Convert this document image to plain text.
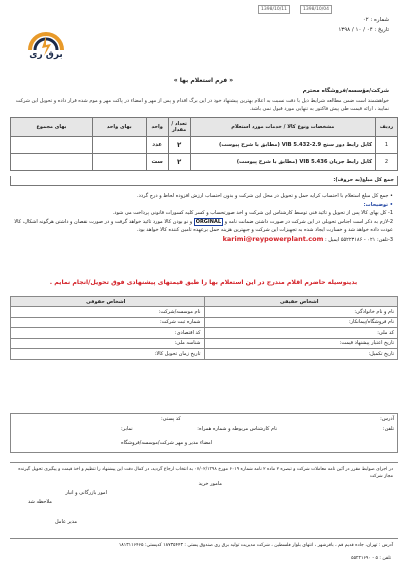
1398/10/11	1398/10/04
برق ری
شماره : ۰۲
تاریخ : ۰۴ / ۱۰ / ۱۳۹۸
« فرم استعلام بها »
شرکت/مؤسسه/فروشگاه محترم
خواهشمند است ضمن مطالعه شرایط ذیل با دقت نسبت به اعلام بهترین پیشنهاد خود در این برگ اقدام و پس از مهر و امضاء در پاکت مهر و موم شده قرار داده و تحویل این شرکت نمایید ، ارائه قیمت طی پیش فاکتور به تنهایی مورد قبول نمی باشد.
ردیف	مشخصات ونوع کالا / خدمات مورد استعلام	تعداد / مقدار	واحد	بهای واحد	بهای مجموع
1	کابل رابط دور سنج VIB 5.432-2.9 (مطابق با شرح پیوست)	۲	عدد		
2	کابل رابط جریان VIB 5.436 (مطابق با شرح پیوست)	۲	ست		
جمع کل مبلغ(به حروف):
• جمع کل مبلغ استعلام با احتساب کرایه حمل و تحویل در محل این شرکت و بدون احتساب ارزش افزوده لحاظ و درج گردد.
• توضیحات:
1- کل بهای کالا پس از تحویل و تائید فنی توسط کارشناس این شرکت و اخذ صورتحساب و کسر کلیه کسورات قانونی پرداخت می شود.
2-لازم به ذکر است اجناس تحویلی در این شرکت در صورت داشتن ضمانت نامه و ORGINAL و نو بودن کالا مورد تائید خواهد گرفت و در صورت نقصان و داشتن هرگونه اشکال، کالا عودت داده خواهد شد و خسارت ایجاد شده به تجهیزات این شرکت و جبهترین هزینه حمل برعهده تامین کننده کالا خواهد بود.
3-تلفن: ۰۲۱ - ۵۵۲۲۳۱۸۶ ایمیل : karimi@reypowerplant.com
بدینوسیله حاضرم اقلام مندرج در این استعلام بها را طبق قیمتهای پیشنهادی فوق تحویل/انجام نمایم .
اشخاص حقیقی	اشخاص حقوقی
نام و نام خانوادگی:	نام موسسه/شرکت:
نام فروشگاه/پیمانکار:	شماره ثبت شرکت:
کد ملی:	کد اقتصادی:
تاریخ اعتبار پیشنهاد قیمت:	شناسه ملی:
تاریخ تکمیل:	تاریخ زمان تحویل کالا:
آدرس:
کد پستی:
تلفن:
نام کارشناس مربوطه و شماره همراه:
نمابر:
امضاء مدیر و مهر شرکت/موسسه/فروشگاه
در اجرای ضوابط مقرر در آئین نامه معاملات شرکت و تبصره ۲ ماده ۲ نامه شماره ۶۰۱۹ مورخ ۰۷/۰۲/۱۳۹۸ به انتخاب ارجاع گردید، در کمال دقت این پیشنهاد را تنظیم و اخذ قیمت و پیگیری تحویل گیرنده مجاز شرکت
مامور خرید
امور بازرگانی و انبار
ملاحظه شد
مدیر عامل
آدرس : تهران، جاده قدیم قم ، باقرشهر ، انتهای بلوار فلسطین ، شرکت مدیریت تولید برق ری صندوق پستی : ۱۸۷۳۵۴۴۳ کدپستی: ۱۸۱۳۱۱۶۴۶۵
تلفن : ۵ - ۵۵۲۲۱۶۹۰
